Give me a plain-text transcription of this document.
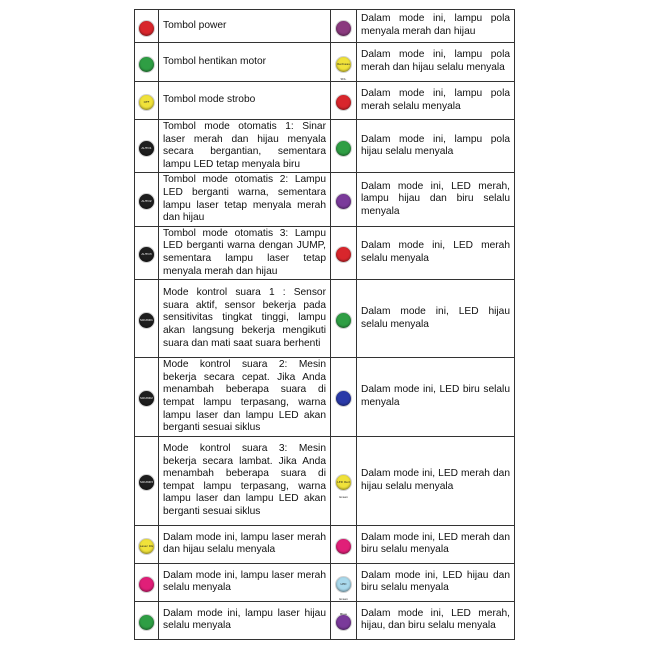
	Tombol power		Dalam mode ini, lampu pola menyala merah dan hijau

	Tombol hentikan motor	Redness Stb.	Dalam mode ini, lampu pola merah dan hijau selalu menyala

OFF	Tombol mode strobo		Dalam mode ini, lampu pola merah selalu menyala

AUTO1	Tombol mode otomatis 1: Sinar laser merah dan hijau menyala secara bergantian, sementara lampu LED tetap menyala biru		Dalam mode ini, lampu pola hijau selalu menyala

AUTO2	Tombol mode otomatis 2: Lampu LED berganti warna, sementara lampu laser tetap menyala merah dan hijau		Dalam mode ini, LED merah, lampu hijau dan biru selalu menyala

AUTO3	Tombol mode otomatis 3: Lampu LED berganti warna dengan JUMP, sementara lampu laser tetap menyala merah dan hijau		Dalam mode ini, LED merah selalu menyala

SOUND1	Mode kontrol suara 1 : Sensor suara aktif, sensor bekerja pada sensitivitas tingkat tinggi, lampu akan langsung bekerja mengikuti suara dan mati saat suara berhenti		Dalam mode ini, LED hijau selalu menyala

SOUND2	Mode kontrol suara 2: Mesin bekerja secara cepat. Jika Anda menambah beberapa suara di tempat lampu terpasang, warna lampu laser dan lampu LED akan berganti sesuai siklus		Dalam mode ini, LED biru selalu menyala

SOUND3	Mode kontrol suara 3: Mesin bekerja secara lambat. Jika Anda menambah beberapa suara di tempat lampu terpasang, warna lampu laser dan lampu LED akan berganti sesuai siklus	LED Red Green	Dalam mode ini, LED merah dan hijau selalu menyala

Laser RG	Dalam mode ini, lampu laser merah dan hijau selalu menyala		Dalam mode ini, LED merah dan biru selalu menyala

	Dalam mode ini, lampu laser merah selalu menyala	LED Green Blue	Dalam mode ini, LED hijau dan biru selalu menyala

	Dalam mode ini, lampu laser hijau selalu menyala		Dalam mode ini, LED merah, hijau, dan biru selalu menyala
